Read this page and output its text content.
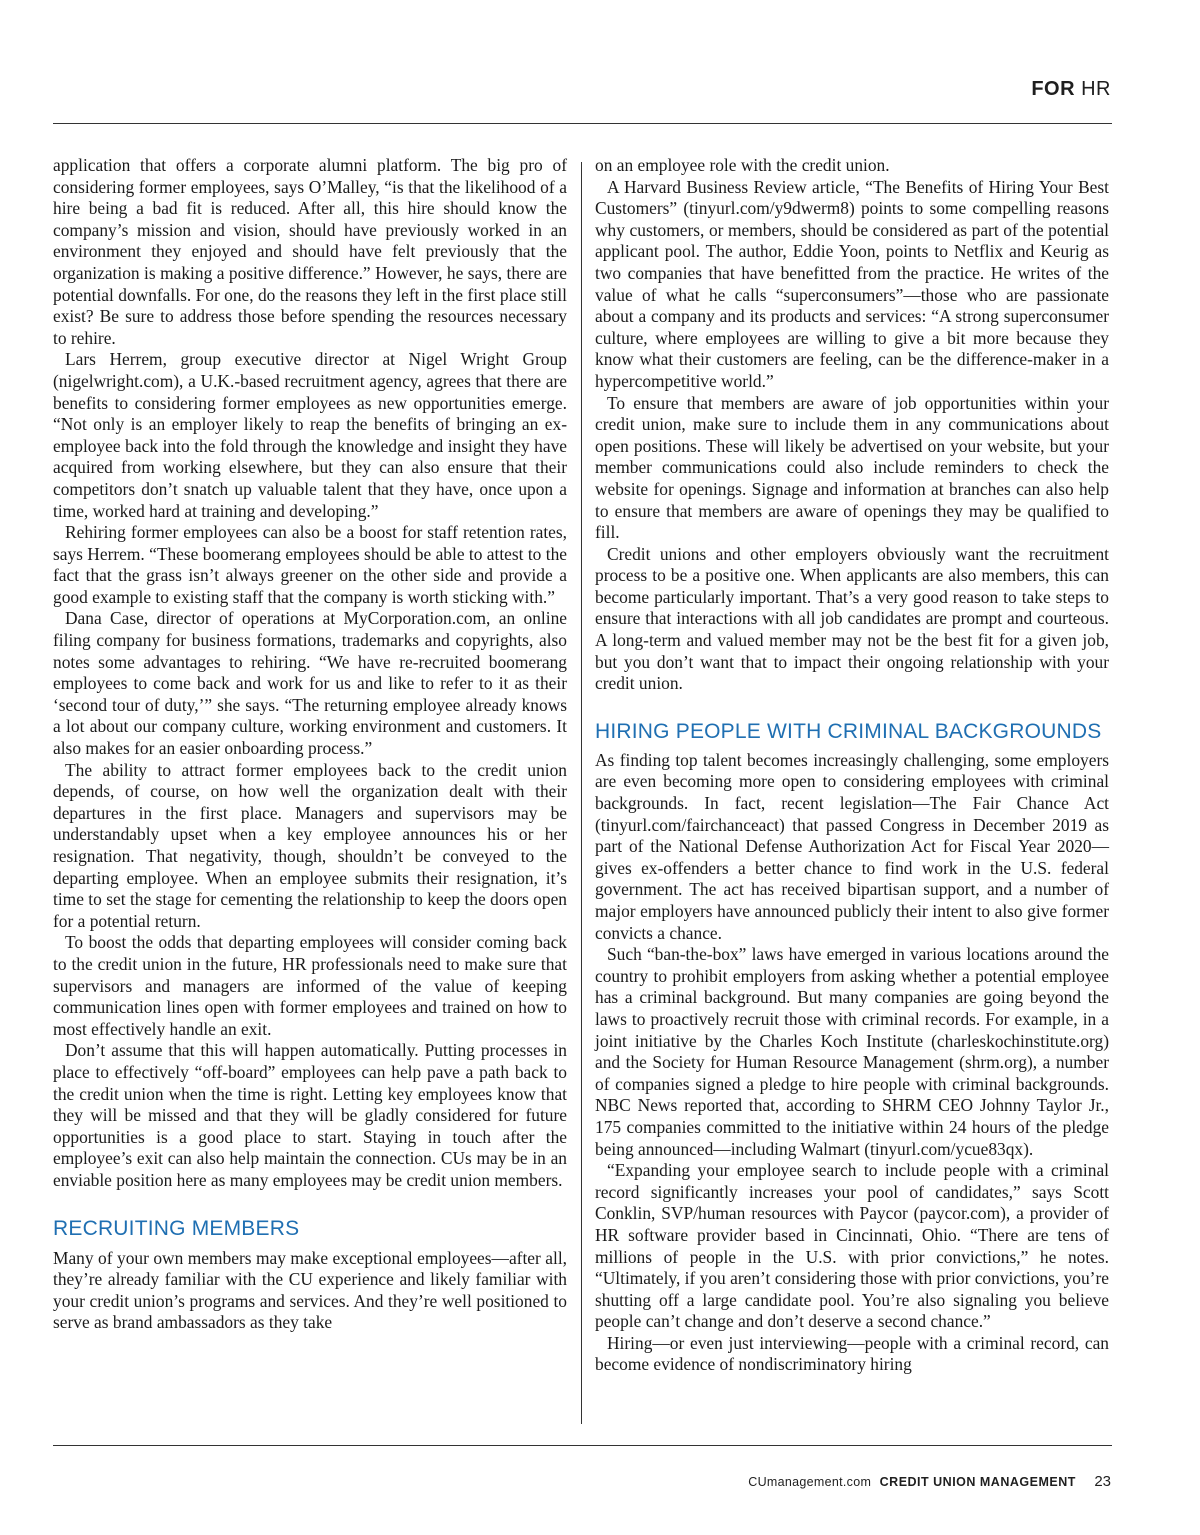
FOR HR

application that offers a corporate alumni platform. The big pro of considering former employees, says O’Malley, “is that the likelihood of a hire being a bad fit is reduced. After all, this hire should know the company’s mission and vision, should have previously worked in an environment they enjoyed and should have felt previously that the organization is making a positive difference.” However, he says, there are potential downfalls. For one, do the reasons they left in the first place still exist? Be sure to address those before spending the resources necessary to rehire.

Lars Herrem, group executive director at Nigel Wright Group (nigelwright.com), a U.K.-based recruitment agency, agrees that there are benefits to considering former employees as new opportunities emerge. “Not only is an employer likely to reap the benefits of bringing an ex-employee back into the fold through the knowledge and insight they have acquired from working elsewhere, but they can also ensure that their competitors don’t snatch up valuable talent that they have, once upon a time, worked hard at training and developing.”

Rehiring former employees can also be a boost for staff retention rates, says Herrem. “These boomerang employees should be able to attest to the fact that the grass isn’t always greener on the other side and provide a good example to existing staff that the company is worth sticking with.”

Dana Case, director of operations at MyCorporation.com, an online filing company for business formations, trademarks and copyrights, also notes some advantages to rehiring. “We have re-recruited boomerang employees to come back and work for us and like to refer to it as their ‘second tour of duty,’” she says. “The returning employee already knows a lot about our company culture, working environment and customers. It also makes for an easier onboarding process.”

The ability to attract former employees back to the credit union depends, of course, on how well the organization dealt with their departures in the first place. Managers and supervisors may be understandably upset when a key employee announces his or her resignation. That negativity, though, shouldn’t be conveyed to the departing employee. When an employee submits their resignation, it’s time to set the stage for cementing the relationship to keep the doors open for a potential return.

To boost the odds that departing employees will consider coming back to the credit union in the future, HR professionals need to make sure that supervisors and managers are informed of the value of keeping communication lines open with former employees and trained on how to most effectively handle an exit.

Don’t assume that this will happen automatically. Putting processes in place to effectively “off-board” employees can help pave a path back to the credit union when the time is right. Letting key employees know that they will be missed and that they will be gladly considered for future opportunities is a good place to start. Staying in touch after the employee’s exit can also help maintain the connection. CUs may be in an enviable position here as many employees may be credit union members.

RECRUITING MEMBERS

Many of your own members may make exceptional employees—after all, they’re already familiar with the CU experience and likely familiar with your credit union’s programs and services. And they’re well positioned to serve as brand ambassadors as they take

on an employee role with the credit union.

A Harvard Business Review article, “The Benefits of Hiring Your Best Customers” (tinyurl.com/y9dwerm8) points to some compelling reasons why customers, or members, should be considered as part of the potential applicant pool. The author, Eddie Yoon, points to Netflix and Keurig as two companies that have benefitted from the practice. He writes of the value of what he calls “superconsumers”—those who are passionate about a company and its products and services: “A strong superconsumer culture, where employees are willing to give a bit more because they know what their customers are feeling, can be the difference-maker in a hypercompetitive world.”

To ensure that members are aware of job opportunities within your credit union, make sure to include them in any communications about open positions. These will likely be advertised on your website, but your member communications could also include reminders to check the website for openings. Signage and information at branches can also help to ensure that members are aware of openings they may be qualified to fill.

Credit unions and other employers obviously want the recruitment process to be a positive one. When applicants are also members, this can become particularly important. That’s a very good reason to take steps to ensure that interactions with all job candidates are prompt and courteous. A long-term and valued member may not be the best fit for a given job, but you don’t want that to impact their ongoing relationship with your credit union.

HIRING PEOPLE WITH CRIMINAL BACKGROUNDS

As finding top talent becomes increasingly challenging, some employers are even becoming more open to considering employees with criminal backgrounds. In fact, recent legislation—The Fair Chance Act (tinyurl.com/fairchanceact) that passed Congress in December 2019 as part of the National Defense Authorization Act for Fiscal Year 2020—gives ex-offenders a better chance to find work in the U.S. federal government. The act has received bipartisan support, and a number of major employers have announced publicly their intent to also give former convicts a chance.

Such “ban-the-box” laws have emerged in various locations around the country to prohibit employers from asking whether a potential employee has a criminal background. But many companies are going beyond the laws to proactively recruit those with criminal records. For example, in a joint initiative by the Charles Koch Institute (charleskochinstitute.org) and the Society for Human Resource Management (shrm.org), a number of companies signed a pledge to hire people with criminal backgrounds. NBC News reported that, according to SHRM CEO Johnny Taylor Jr., 175 companies committed to the initiative within 24 hours of the pledge being announced—including Walmart (tinyurl.com/ycue83qx).

“Expanding your employee search to include people with a criminal record significantly increases your pool of candidates,” says Scott Conklin, SVP/human resources with Paycor (paycor.com), a provider of HR software provider based in Cincinnati, Ohio. “There are tens of millions of people in the U.S. with prior convictions,” he notes. “Ultimately, if you aren’t considering those with prior convictions, you’re shutting off a large candidate pool. You’re also signaling you believe people can’t change and don’t deserve a second chance.”

Hiring—or even just interviewing—people with a criminal record, can become evidence of nondiscriminatory hiring

CUmanagement.com CREDIT UNION MANAGEMENT 23
